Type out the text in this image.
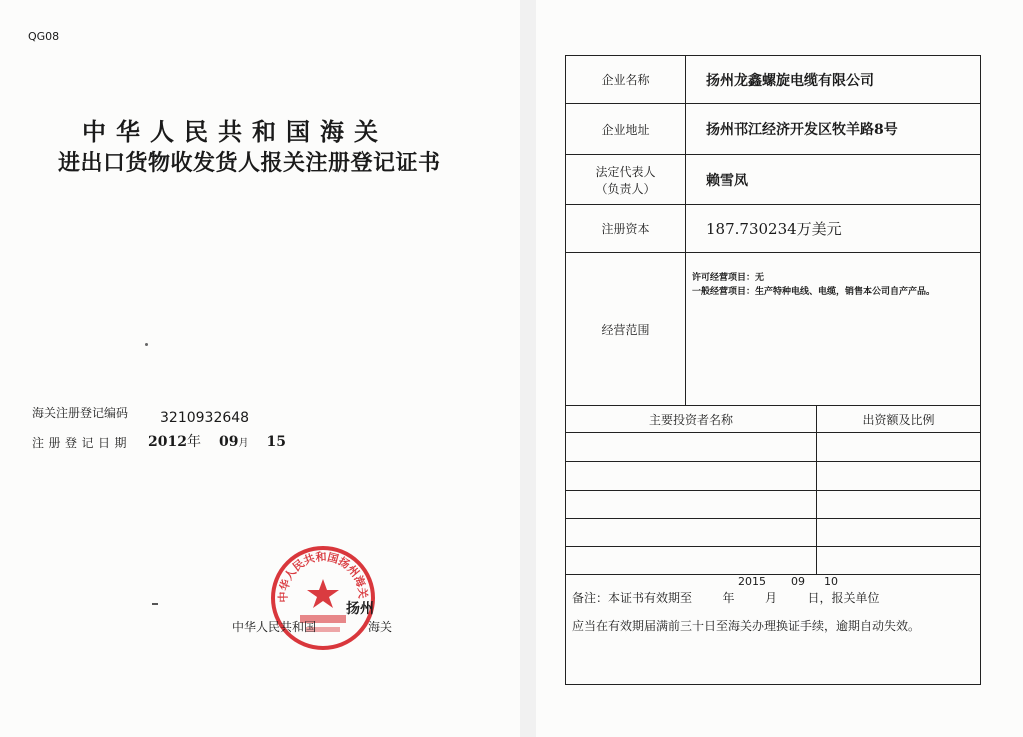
QG08
中华人民共和国海关
进出口货物收发货人报关注册登记证书
海关注册登记编码 3210932648
注册登记日期 2012年 09月 15
中华人民共和国扬州海关
中华人民共和国
扬州
海关
企业名称	扬州龙鑫螺旋电缆有限公司	
企业地址	扬州邗江经济开发区牧羊路8号	

法定代表人
（负责人）	赖雪凤	
注册资本	187.730234万美元	
经营范围	许可经营项目：无
一般经营项目：生产特种电线、电缆，销售本公司自产产品。	

主要投资者名称		出资额及比例

2015 09 10
备注：本证书有效期至        年        月        日，报关单位
应当在有效期届满前三十日至海关办理换证手续，逾期自动失效。		
